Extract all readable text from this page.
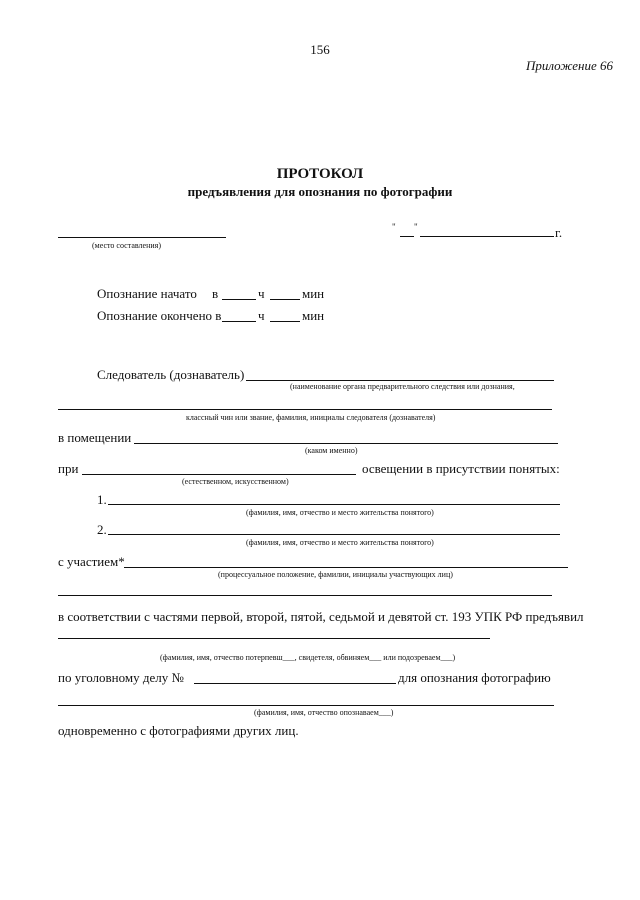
156
Приложение 66
ПРОТОКОЛ
предъявления для опознания по фотографии
(место составления)
" "	г.
Опознание начато в	ч	мин
Опознание окончено в	ч	мин
Следователь (дознаватель)
(наименование органа предварительного следствия или дознания,
классный чин или звание, фамилия, инициалы следователя (дознавателя)
в помещении
(каком именно)
при	освещении в присутствии понятых:
(естественном, искусственном)
1.
(фамилия, имя, отчество и место жительства понятого)
2.
(фамилия, имя, отчество и место жительства понятого)
с участием*
(процессуальное положение, фамилии, инициалы участвующих лиц)
в соответствии с частями первой, второй, пятой, седьмой и девятой ст. 193 УПК РФ предъявил
(фамилия, имя, отчество потерпевш___, свидетеля, обвиняем___ или подозреваем___)
по уголовному делу №	для опознания фотографию
(фамилия, имя, отчество опознаваем___)
одновременно с фотографиями других лиц.
